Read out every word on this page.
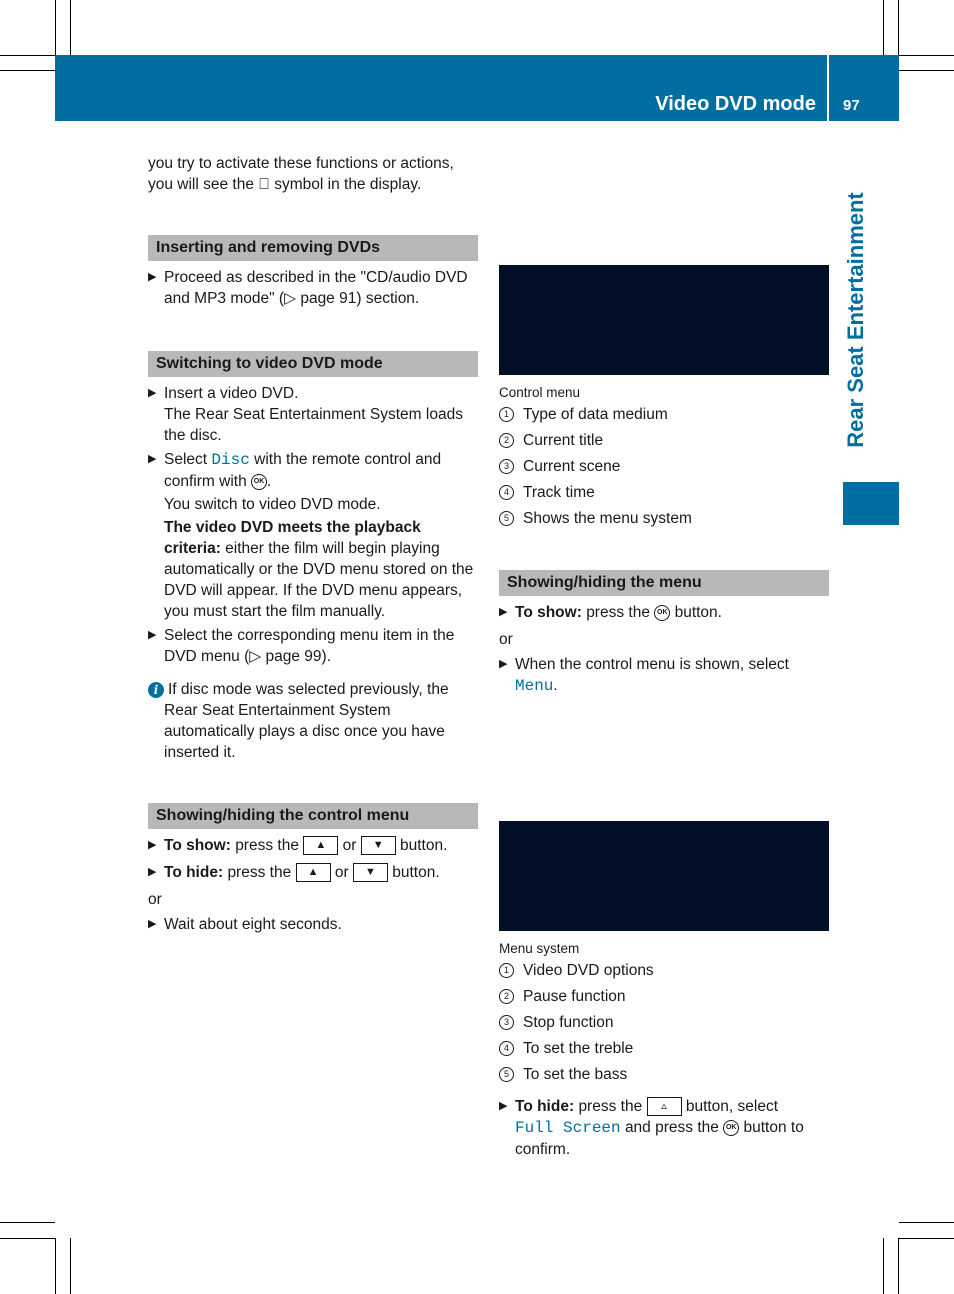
Video DVD mode 97
Rear Seat Entertainment

you try to activate these functions or actions,
you will see the symbol in the display.

Inserting and removing DVDs
▶ Proceed as described in the "CD/audio DVD and MP3 mode" (▷ page 91) section.
Switching to video DVD mode
▶ Insert a video DVD.
The Rear Seat Entertainment System loads the disc.
▶ Select Disc with the remote control and confirm with OK .
You switch to video DVD mode.
The video DVD meets the playback criteria: either the film will begin playing automatically or the DVD menu stored on the DVD will appear. If the DVD menu appears, you must start the film manually.
▶ Select the corresponding menu item in the DVD menu (▷ page 99).
i If disc mode was selected previously, the Rear Seat Entertainment System automatically plays a disc once you have inserted it.
Showing/hiding the control menu
▶ To show: press the ▲ or ▼ button.
▶ To hide: press the ▲ or ▼ button.

or

▶ Wait about eight seconds.

Control menu

1 Type of data medium
2 Current title
3 Current scene
4 Track time
5 Shows the menu system
Showing/hiding the menu
▶ To show: press the OK button.

or

▶ When the control menu is shown, select
Menu.

Menu system

1 Video DVD options
2 Pause function
3 Stop function
4 To set the treble
5 To set the bass
▶ To hide: press the ▵ button, select
Full Screen and press the OK button to confirm.
